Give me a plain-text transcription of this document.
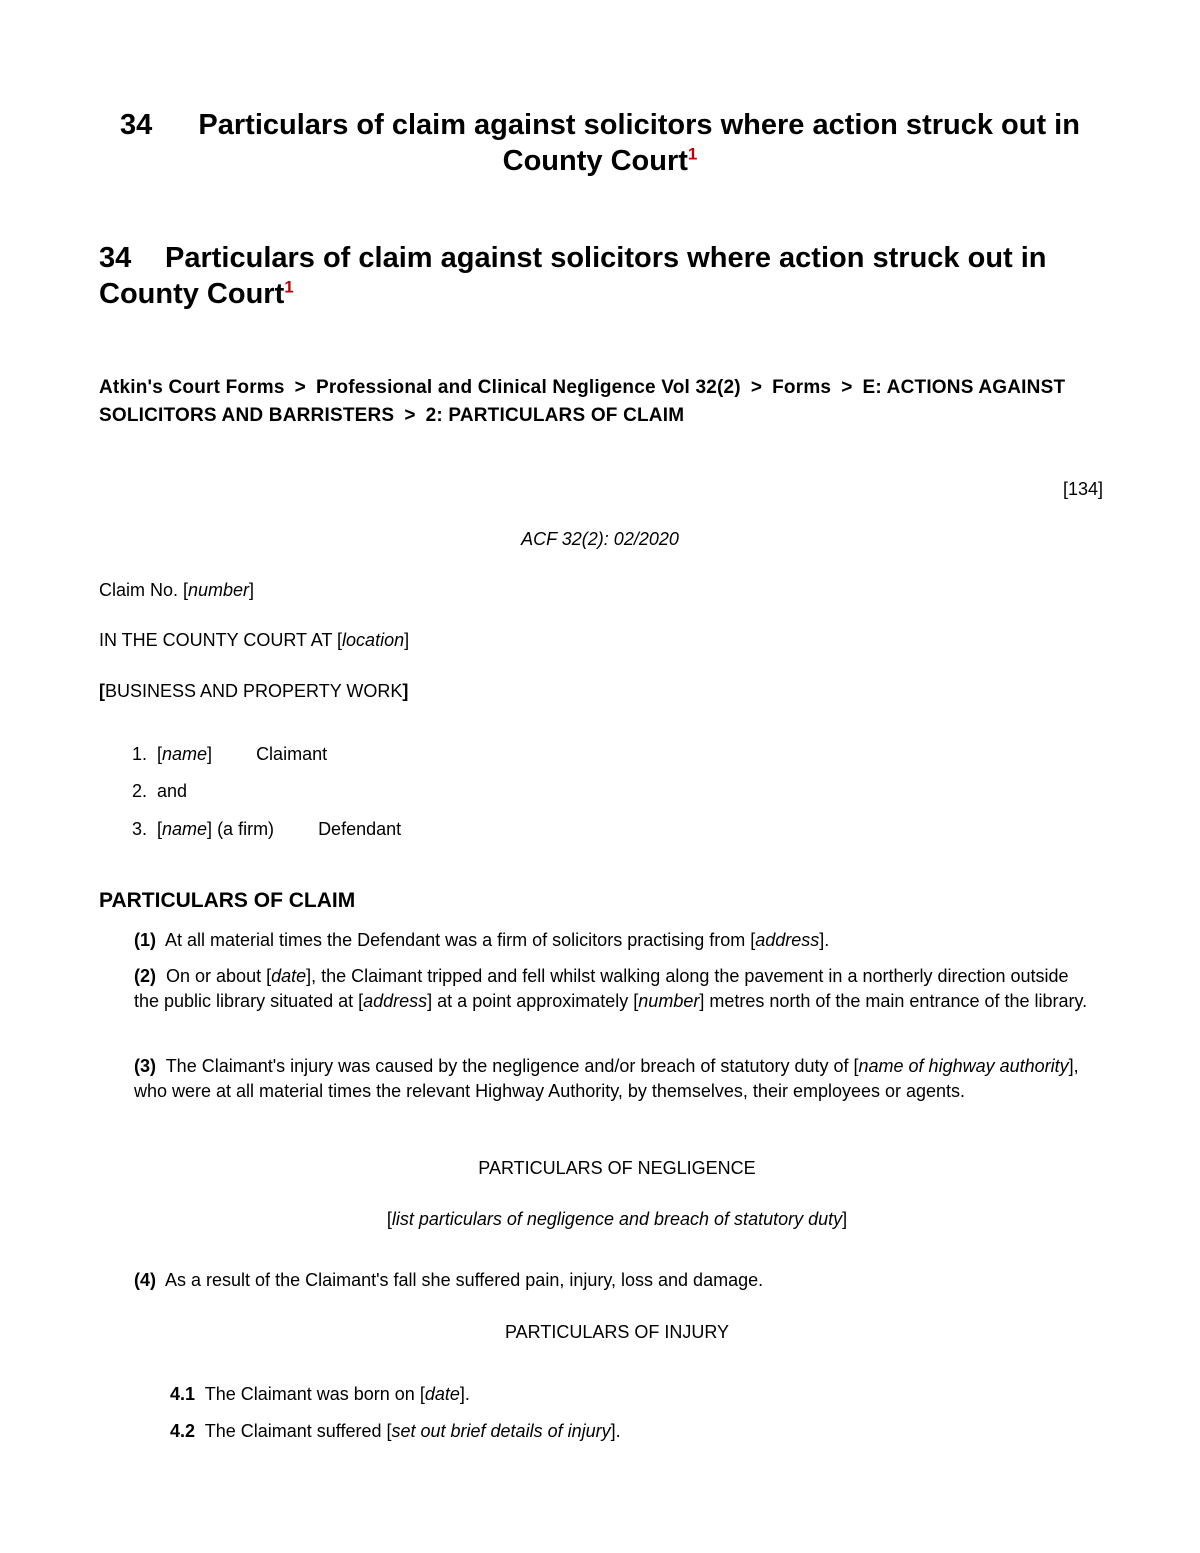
34 Particulars of claim against solicitors where action struck out in County Court$^1$
34 Particulars of claim against solicitors where action struck out in County Court$^1$
Atkin's Court Forms > Professional and Clinical Negligence Vol 32(2) > Forms > E: ACTIONS AGAINST SOLICITORS AND BARRISTERS > 2: PARTICULARS OF CLAIM
[134]
ACF 32(2): 02/2020
Claim No. [number]
IN THE COUNTY COURT AT [location]
[BUSINESS AND PROPERTY WORK]
1. [name] Claimant
2. and
3. [name] (a firm) Defendant
PARTICULARS OF CLAIM
(1) At all material times the Defendant was a firm of solicitors practising from [address].
(2) On or about [date], the Claimant tripped and fell whilst walking along the pavement in a northerly direction outside the public library situated at [address] at a point approximately [number] metres north of the main entrance of the library.
(3) The Claimant's injury was caused by the negligence and/or breach of statutory duty of [name of highway authority], who were at all material times the relevant Highway Authority, by themselves, their employees or agents.
PARTICULARS OF NEGLIGENCE
[list particulars of negligence and breach of statutory duty]
(4) As a result of the Claimant's fall she suffered pain, injury, loss and damage.
PARTICULARS OF INJURY
4.1 The Claimant was born on [date].
4.2 The Claimant suffered [set out brief details of injury].
